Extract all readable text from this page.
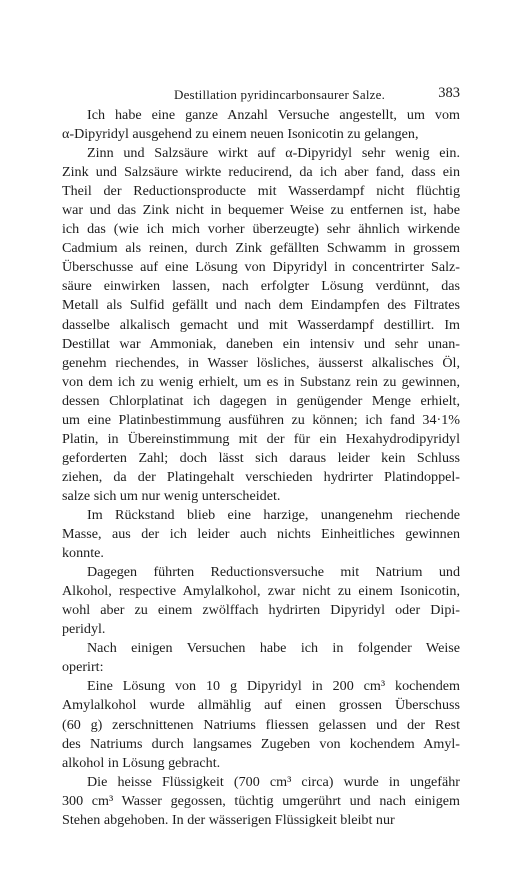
Destillation pyridincarbonsaurer Salze.	383
Ich habe eine ganze Anzahl Versuche angestellt, um vom
α-Dipyridyl ausgehend zu einem neuen Isonicotin zu gelangen,
Zinn und Salzsäure wirkt auf α-Dipyridyl sehr wenig ein.
Zink und Salzsäure wirkte reducirend, da ich aber fand, dass ein
Theil der Reductionsproducte mit Wasserdampf nicht flüchtig
war und das Zink nicht in bequemer Weise zu entfernen ist, habe
ich das (wie ich mich vorher überzeugte) sehr ähnlich wirkende
Cadmium als reinen, durch Zink gefällten Schwamm in grossem
Überschusse auf eine Lösung von Dipyridyl in concentrirter Salz-
säure einwirken lassen, nach erfolgter Lösung verdünnt, das
Metall als Sulfid gefällt und nach dem Eindampfen des Filtrates
dasselbe alkalisch gemacht und mit Wasserdampf destillirt. Im
Destillat war Ammoniak, daneben ein intensiv und sehr unan-
genehm riechendes, in Wasser lösliches, äusserst alkalisches Öl,
von dem ich zu wenig erhielt, um es in Substanz rein zu gewinnen,
dessen Chlorplatinat ich dagegen in genügender Menge erhielt,
um eine Platinbestimmung ausführen zu können; ich fand 34·1%
Platin, in Übereinstimmung mit der für ein Hexahydrodipyridyl
geforderten Zahl; doch lässt sich daraus leider kein Schluss
ziehen, da der Platingehalt verschieden hydrirter Platindoppel-
salze sich um nur wenig unterscheidet.
Im Rückstand blieb eine harzige, unangenehm riechende
Masse, aus der ich leider auch nichts Einheitliches gewinnen
konnte.
Dagegen führten Reductionsversuche mit Natrium und
Alkohol, respective Amylalkohol, zwar nicht zu einem Isonicotin,
wohl aber zu einem zwölffach hydrirten Dipyridyl oder Dipi-
peridyl.
Nach einigen Versuchen habe ich in folgender Weise
operirt:
Eine Lösung von 10 g Dipyridyl in 200 cm³ kochendem
Amylalkohol wurde allmählig auf einen grossen Überschuss
(60 g) zerschnittenen Natriums fliessen gelassen und der Rest
des Natriums durch langsames Zugeben von kochendem Amyl-
alkohol in Lösung gebracht.
Die heisse Flüssigkeit (700 cm³ circa) wurde in ungefähr
300 cm³ Wasser gegossen, tüchtig umgerührt und nach einigem
Stehen abgehoben. In der wässerigen Flüssigkeit bleibt nur
